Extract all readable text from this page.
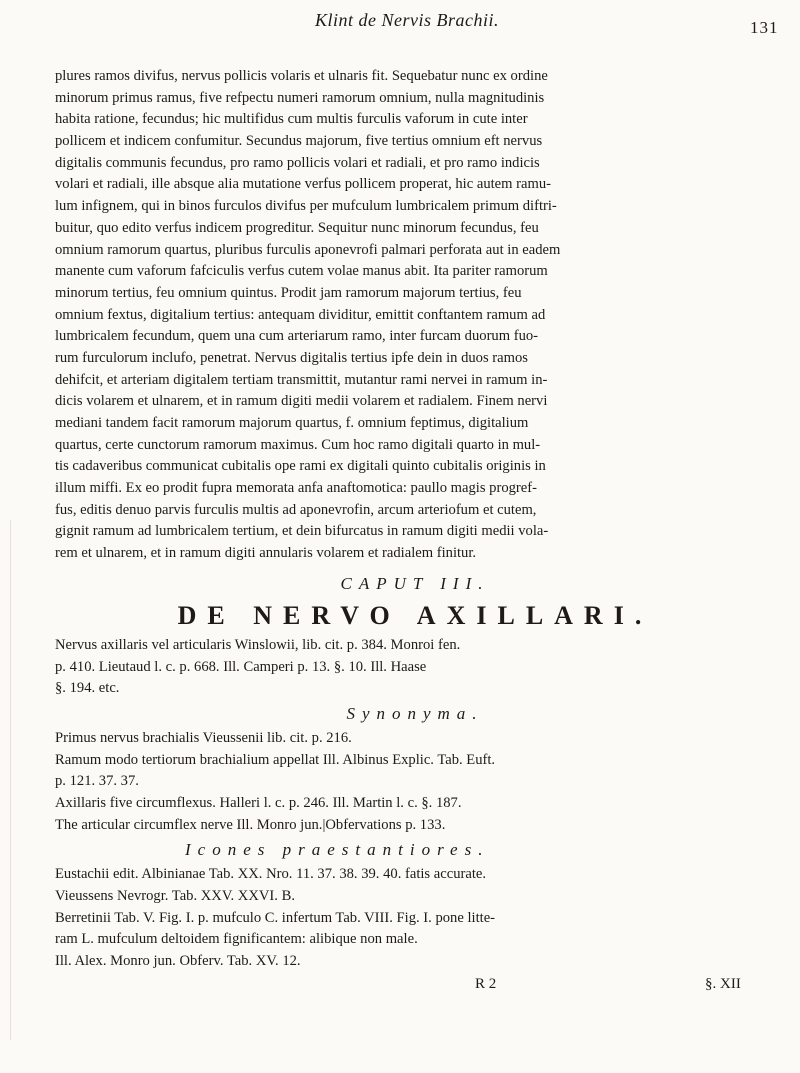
Klint de Nervis Brachii.	131
plures ramos divifus, nervus pollicis volaris et ulnaris fit. Sequebatur nunc ex ordine
minorum primus ramus, five refpectu numeri ramorum omnium, nulla magnitudinis
habita ratione, fecundus; hic multifidus cum multis furculis vaforum in cute inter
pollicem et indicem confumitur. Secundus majorum, five tertius omnium eft nervus
digitalis communis fecundus, pro ramo pollicis volari et radiali, et pro ramo indicis
volari et radiali, ille absque alia mutatione verfus pollicem properat, hic autem ramu-
lum infignem, qui in binos furculos divifus per mufculum lumbricalem primum diftri-
buitur, quo edito verfus indicem progreditur. Sequitur nunc minorum fecundus, feu
omnium ramorum quartus, pluribus furculis aponevrofi palmari perforata aut in eadem
manente cum vaforum fafciculis verfus cutem volae manus abit. Ita pariter ramorum
minorum tertius, feu omnium quintus. Prodit jam ramorum majorum tertius, feu
omnium fextus, digitalium tertius: antequam dividitur, emittit conftantem ramum ad
lumbricalem fecundum, quem una cum arteriarum ramo, inter furcam duorum fuo-
rum furculorum inclufo, penetrat. Nervus digitalis tertius ipfe dein in duos ramos
dehifcit, et arteriam digitalem tertiam transmittit, mutantur rami nervei in ramum in-
dicis volarem et ulnarem, et in ramum digiti medii volarem et radialem. Finem nervi
mediani tandem facit ramorum majorum quartus, f. omnium feptimus, digitalium
quartus, certe cunctorum ramorum maximus. Cum hoc ramo digitali quarto in mul-
tis cadaveribus communicat cubitalis ope rami ex digitali quinto cubitalis originis in
illum miffi. Ex eo prodit fupra memorata anfa anaftomotica: paullo magis progref-
fus, editis denuo parvis furculis multis ad aponevrofin, arcum arteriofum et cutem,
gignit ramum ad lumbricalem tertium, et dein bifurcatus in ramum digiti medii vola-
rem et ulnarem, et in ramum digiti annularis volarem et radialem finitur.
CAPUT III.
DE NERVO AXILLARI.
Nervus axillaris vel articularis Winslowii, lib. cit. p. 384. Monroi fen.
p. 410. Lieutaud l. c. p. 668. Ill. Camperi p. 13. §. 10. Ill. Haase
§. 194. etc.
Synonyma.
Primus nervus brachialis Vieussenii lib. cit. p. 216.
Ramum modo tertiorum brachialium appellat Ill. Albinus Explic. Tab. Euft.
p. 121. 37. 37.
Axillaris five circumflexus. Halleri l. c. p. 246. Ill. Martin l. c. §. 187.
The articular circumflex nerve Ill. Monro jun.|Obfervations p. 133.
Icones praestantiores.
Eustachii edit. Albinianae Tab. XX. Nro. 11. 37. 38. 39. 40. fatis accurate.
Vieussens Nevrogr. Tab. XXV. XXVI. B.
Berretinii Tab. V. Fig. I. p. mufculo C. infertum Tab. VIII. Fig. I. pone litte-
ram L. mufculum deltoidem fignificantem: alibique non male.
Ill. Alex. Monro jun. Obferv. Tab. XV. 12.
R 2	§. XII
